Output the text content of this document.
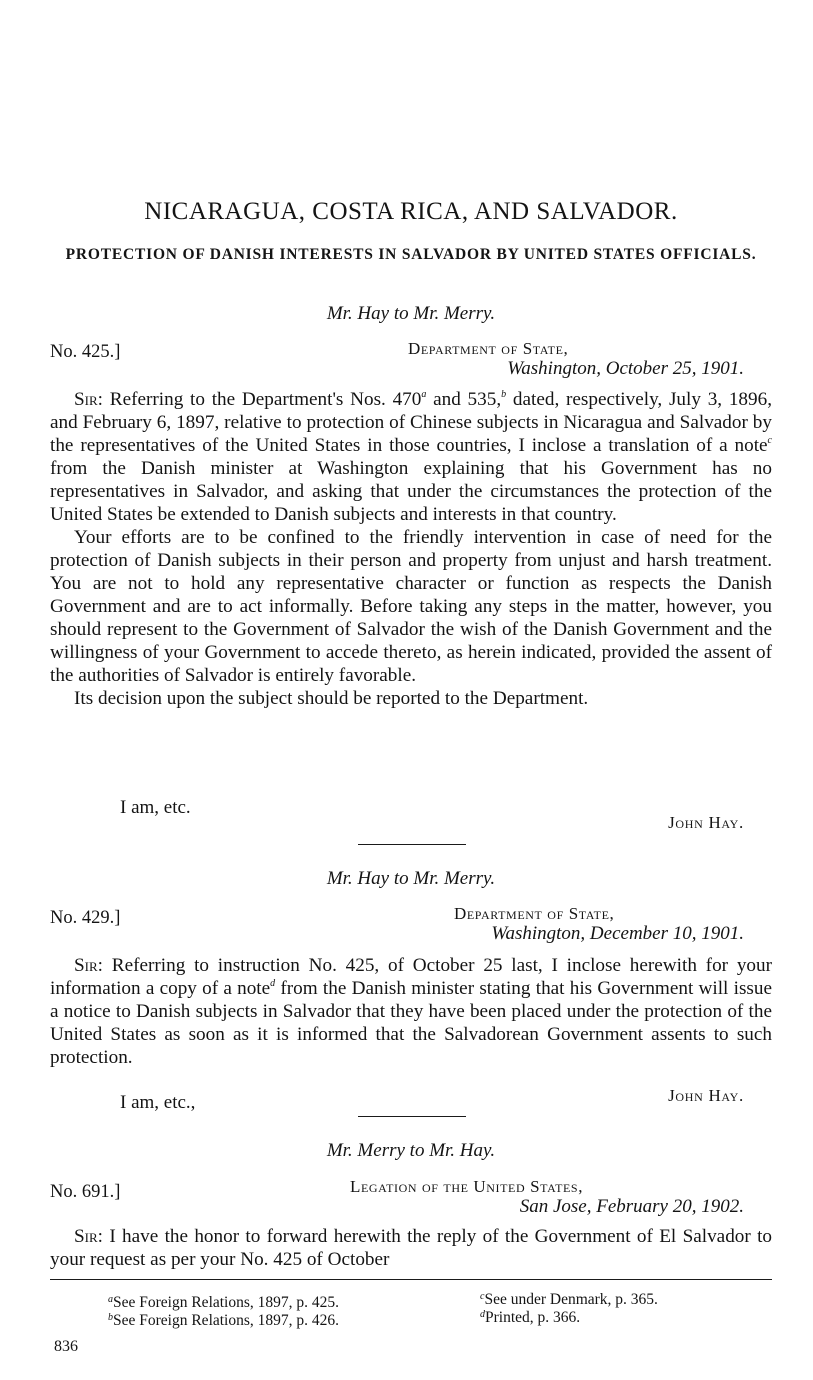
NICARAGUA, COSTA RICA, AND SALVADOR.
PROTECTION OF DANISH INTERESTS IN SALVADOR BY UNITED STATES OFFICIALS.
Mr. Hay to Mr. Merry.
No. 425.]	Department of State,
Washington, October 25, 1901.

Sir: Referring to the Department's Nos. 470$^a$ and 535,$^b$ dated, respectively, July 3, 1896, and February 6, 1897, relative to protection of Chinese subjects in Nicaragua and Salvador by the representatives of the United States in those countries, I inclose a translation of a note$^c$ from the Danish minister at Washington explaining that his Government has no representatives in Salvador, and asking that under the circumstances the protection of the United States be extended to Danish subjects and interests in that country.

Your efforts are to be confined to the friendly intervention in case of need for the protection of Danish subjects in their person and property from unjust and harsh treatment. You are not to hold any representative character or function as respects the Danish Government and are to act informally. Before taking any steps in the matter, however, you should represent to the Government of Salvador the wish of the Danish Government and the willingness of your Government to accede thereto, as herein indicated, provided the assent of the authorities of Salvador is entirely favorable.

Its decision upon the subject should be reported to the Department.

I am, etc.
John Hay.
Mr. Hay to Mr. Merry.
No. 429.]	Department of State,
Washington, December 10, 1901.

Sir: Referring to instruction No. 425, of October 25 last, I inclose herewith for your information a copy of a note$^d$ from the Danish minister stating that his Government will issue a notice to Danish subjects in Salvador that they have been placed under the protection of the United States as soon as it is informed that the Salvadorean Government assents to such protection.

I am, etc.,	John Hay.
Mr. Merry to Mr. Hay.
No. 691.]	Legation of the United States,
San Jose, February 20, 1902.

Sir: I have the honor to forward herewith the reply of the Government of El Salvador to your request as per your No. 425 of October

$^a$See Foreign Relations, 1897, p. 425.
$^b$See Foreign Relations, 1897, p. 426.
$^c$See under Denmark, p. 365.
$^d$Printed, p. 366.
836
